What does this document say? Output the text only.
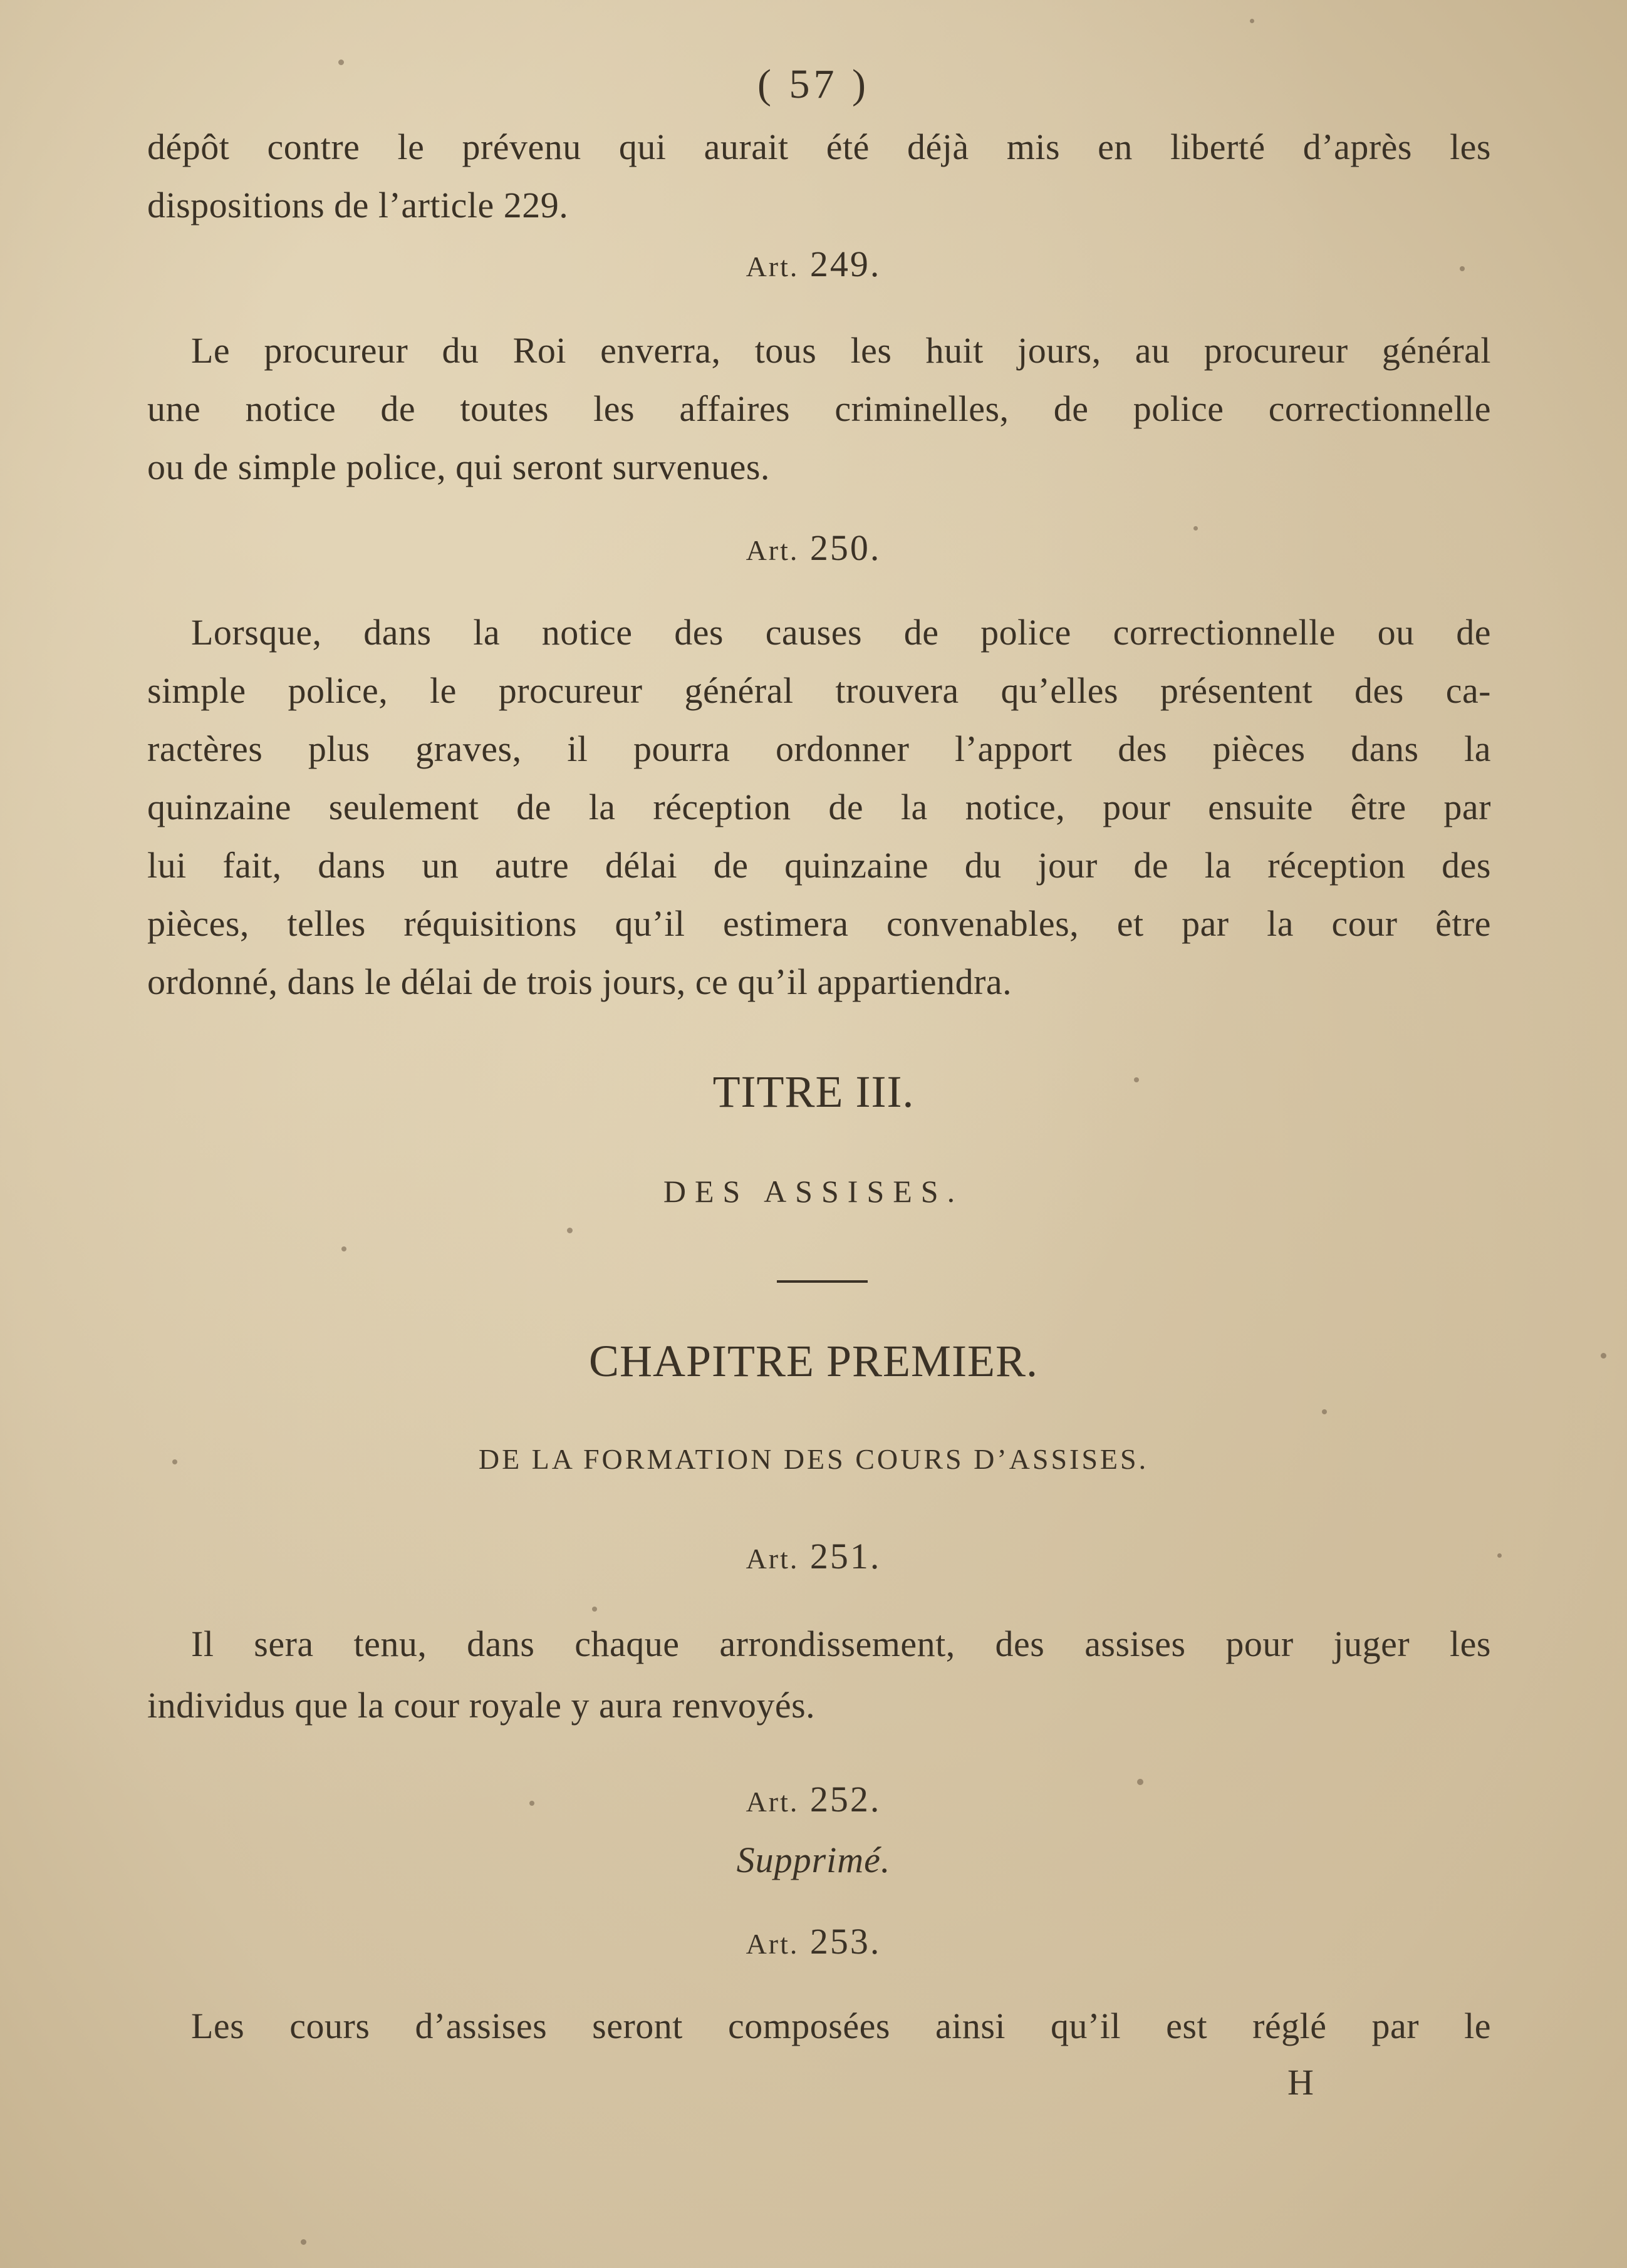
( 57 )
dépôt contre le prévenu qui aurait été déjà mis en liberté d’après les
dispositions de l’article 229.
Art. 249.
Le procureur du Roi enverra, tous les huit jours, au procureur général
une notice de toutes les affaires criminelles, de police correctionnelle
ou de simple police, qui seront survenues.
Art. 250.
Lorsque, dans la notice des causes de police correctionnelle ou de
simple police, le procureur général trouvera qu’elles présentent des ca-
ractères plus graves, il pourra ordonner l’apport des pièces dans la
quinzaine seulement de la réception de la notice, pour ensuite être par
lui fait, dans un autre délai de quinzaine du jour de la réception des
pièces, telles réquisitions qu’il estimera convenables, et par la cour être
ordonné, dans le délai de trois jours, ce qu’il appartiendra.
TITRE III.
DES ASSISES.
CHAPITRE PREMIER.
DE LA FORMATION DES COURS D’ASSISES.
Art. 251.
Il sera tenu, dans chaque arrondissement, des assises pour juger les
individus que la cour royale y aura renvoyés.
Art. 252.
Supprimé.
Art. 253.
Les cours d’assises seront composées ainsi qu’il est réglé par le
H
